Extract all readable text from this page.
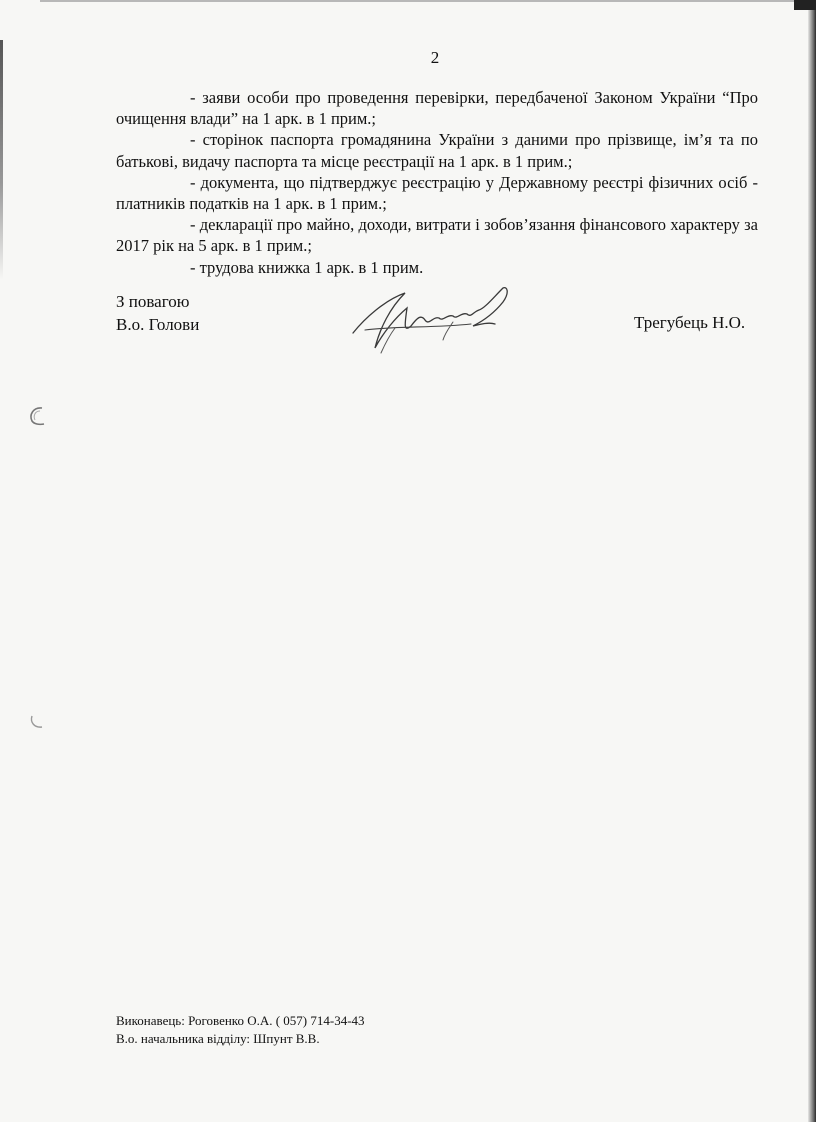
2

- заяви особи про проведення перевірки, передбаченої Законом України “Про очищення влади” на 1 арк. в 1 прим.;

- сторінок паспорта громадянина України з даними про прізвище, ім’я та по батькові, видачу паспорта та місце реєстрації на 1 арк. в 1 прим.;

- документа, що підтверджує реєстрацію у Державному реєстрі фізичних осіб - платників податків на 1 арк. в 1 прим.;

- декларації про майно, доходи, витрати і зобов’язання фінансового характеру за 2017 рік на 5 арк. в 1 прим.;

- трудова книжка 1 арк. в 1 прим.

З повагою
В.о. Голови	Трегубець Н.О.
Виконавець: Роговенко О.А. ( 057) 714-34-43
В.о. начальника відділу: Шпунт В.В.
